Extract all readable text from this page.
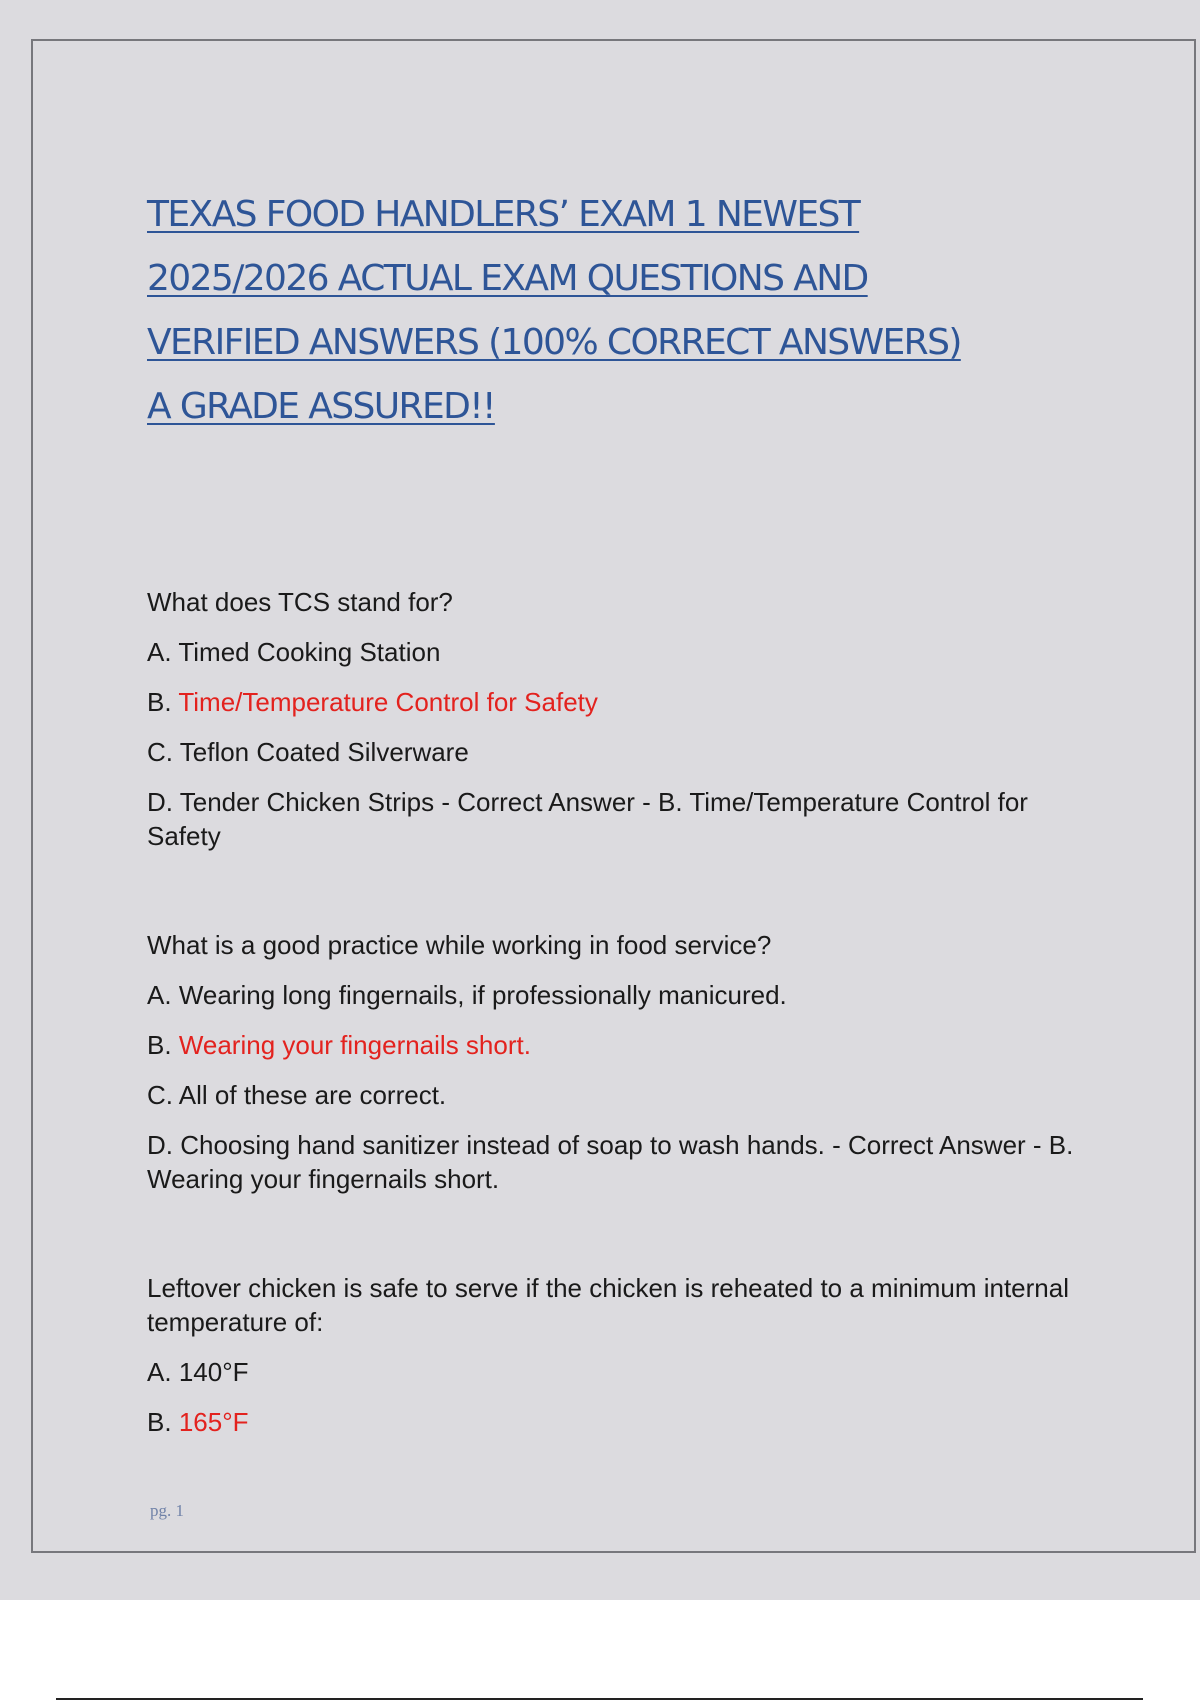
TEXAS FOOD HANDLERS’ EXAM 1 NEWEST
2025/2026 ACTUAL EXAM QUESTIONS AND
VERIFIED ANSWERS (100% CORRECT ANSWERS)
A GRADE ASSURED!!

What does TCS stand for?

A. Timed Cooking Station

B. Time/Temperature Control for Safety

C. Teflon Coated Silverware

D. Tender Chicken Strips - Correct Answer - B. Time/Temperature Control for Safety

What is a good practice while working in food service?

A. Wearing long fingernails, if professionally manicured.

B. Wearing your fingernails short.

C. All of these are correct.

D. Choosing hand sanitizer instead of soap to wash hands. - Correct Answer - B. Wearing your fingernails short.

Leftover chicken is safe to serve if the chicken is reheated to a minimum internal temperature of:

A. 140°F

B. 165°F

pg. 1
